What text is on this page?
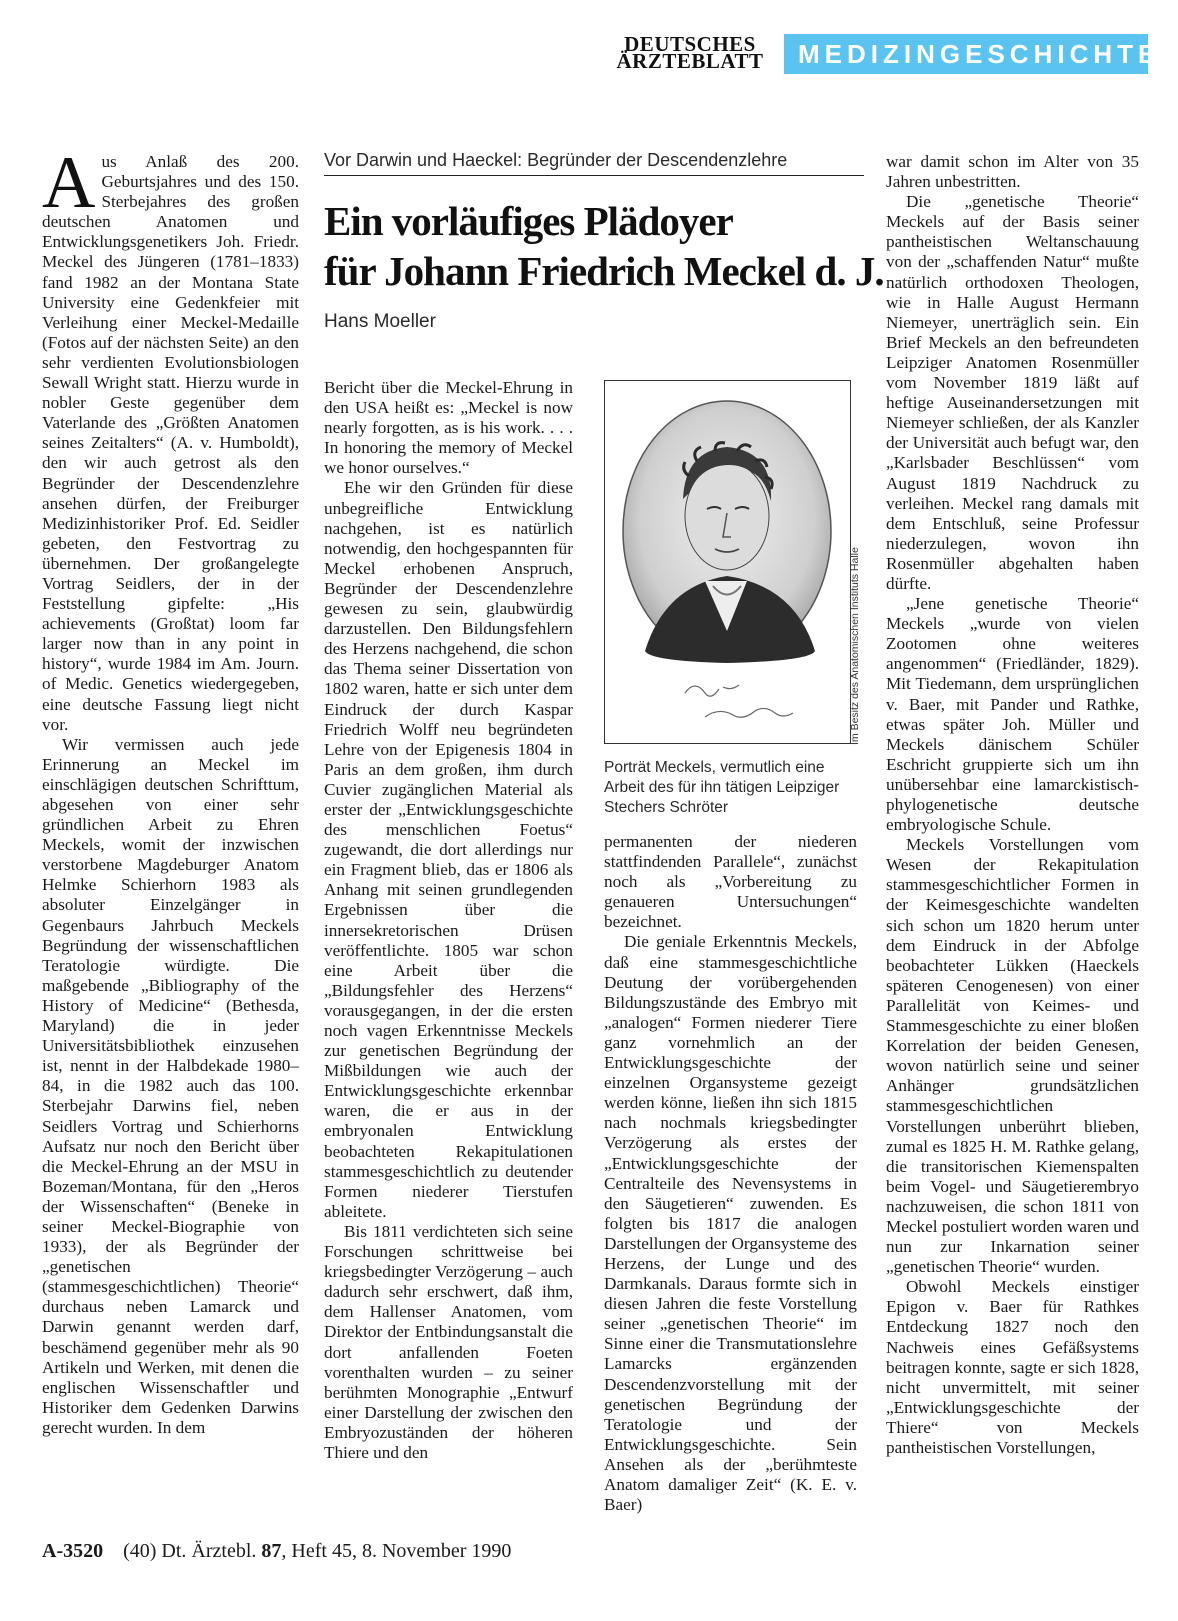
DEUTSCHES
ÄRZTEBLATT	MEDIZINGESCHICHTE

Aus Anlaß des 200. Geburtsjahres und des 150. Sterbejahres des großen deutschen Anatomen und Entwicklungsgenetikers Joh. Friedr. Meckel des Jüngeren (1781–1833) fand 1982 an der Montana State University eine Gedenkfeier mit Verleihung einer Meckel-Medaille (Fotos auf der nächsten Seite) an den sehr verdienten Evolutionsbiologen Sewall Wright statt. Hierzu wurde in nobler Geste gegenüber dem Vaterlande des „Größten Anatomen seines Zeitalters“ (A. v. Humboldt), den wir auch getrost als den Begründer der Descendenzlehre ansehen dürfen, der Freiburger Medizinhistoriker Prof. Ed. Seidler gebeten, den Festvortrag zu übernehmen. Der großangelegte Vortrag Seidlers, der in der Feststellung gipfelte: „His achievements (Großtat) loom far larger now than in any point in history“, wurde 1984 im Am. Journ. of Medic. Genetics wiedergegeben, eine deutsche Fassung liegt nicht vor.

Wir vermissen auch jede Erinnerung an Meckel im einschlägigen deutschen Schrifttum, abgesehen von einer sehr gründlichen Arbeit zu Ehren Meckels, womit der inzwischen verstorbene Magdeburger Anatom Helmke Schierhorn 1983 als absoluter Einzelgänger in Gegenbaurs Jahrbuch Meckels Begründung der wissenschaftlichen Teratologie würdigte. Die maßgebende „Bibliography of the History of Medicine“ (Bethesda, Maryland) die in jeder Universitätsbibliothek einzusehen ist, nennt in der Halbdekade 1980–84, in die 1982 auch das 100. Sterbejahr Darwins fiel, neben Seidlers Vortrag und Schierhorns Aufsatz nur noch den Bericht über die Meckel-Ehrung an der MSU in Bozeman/Montana, für den „Heros der Wissenschaften“ (Beneke in seiner Meckel-Biographie von 1933), der als Begründer der „genetischen (stammesgeschichtlichen) Theorie“ durchaus neben Lamarck und Darwin genannt werden darf, beschämend gegenüber mehr als 90 Artikeln und Werken, mit denen die englischen Wissenschaftler und Historiker dem Gedenken Darwins gerecht wurden. In dem

Vor Darwin und Haeckel: Begründer der Descendenzlehre
Ein vorläufiges Plädoyer
für Johann Friedrich Meckel d. J.
Hans Moeller

Bericht über die Meckel-Ehrung in den USA heißt es: „Meckel is now nearly forgotten, as is his work. . . . In honoring the memory of Meckel we honor ourselves.“

Ehe wir den Gründen für diese unbegreifliche Entwicklung nachgehen, ist es natürlich notwendig, den hochgespannten für Meckel erhobenen Anspruch, Begründer der Descendenzlehre gewesen zu sein, glaubwürdig darzustellen. Den Bildungsfehlern des Herzens nachgehend, die schon das Thema seiner Dissertation von 1802 waren, hatte er sich unter dem Eindruck der durch Kaspar Friedrich Wolff neu begründeten Lehre von der Epigenesis 1804 in Paris an dem großen, ihm durch Cuvier zugänglichen Material als erster der „Entwicklungsgeschichte des menschlichen Foetus“ zugewandt, die dort allerdings nur ein Fragment blieb, das er 1806 als Anhang mit seinen grundlegenden Ergebnissen über die innersekretorischen Drüsen veröffentlichte. 1805 war schon eine Arbeit über die „Bildungsfehler des Herzens“ vorausgegangen, in der die ersten noch vagen Erkenntnisse Meckels zur genetischen Begründung der Mißbildungen wie auch der Entwicklungsgeschichte erkennbar waren, die er aus in der embryonalen Entwicklung beobachteten Rekapitulationen stammesgeschichtlich zu deutender Formen niederer Tierstufen ableitete.

Bis 1811 verdichteten sich seine Forschungen schrittweise bei kriegsbedingter Verzögerung – auch dadurch sehr erschwert, daß ihm, dem Hallenser Anatomen, vom Direktor der Entbindungsanstalt die dort anfallenden Foeten vorenthalten wurden – zu seiner berühmten Monographie „Entwurf einer Darstellung der zwischen den Embryozuständen der höheren Thiere und den

Im Besitz des Anatomischen Instituts Halle
Porträt Meckels, vermutlich eine Arbeit des für ihn tätigen Leipziger Stechers Schröter

permanenten der niederen stattfindenden Parallele“, zunächst noch als „Vorbereitung zu genaueren Untersuchungen“ bezeichnet.

Die geniale Erkenntnis Meckels, daß eine stammesgeschichtliche Deutung der vorübergehenden Bildungszustände des Embryo mit „analogen“ Formen niederer Tiere ganz vornehmlich an der Entwicklungsgeschichte der einzelnen Organsysteme gezeigt werden könne, ließen ihn sich 1815 nach nochmals kriegsbedingter Verzögerung als erstes der „Entwicklungsgeschichte der Centralteile des Nevensystems in den Säugetieren“ zuwenden. Es folgten bis 1817 die analogen Darstellungen der Organsysteme des Herzens, der Lunge und des Darmkanals. Daraus formte sich in diesen Jahren die feste Vorstellung seiner „genetischen Theorie“ im Sinne einer die Transmutationslehre Lamarcks ergänzenden Descendenzvorstellung mit der genetischen Begründung der Teratologie und der Entwicklungsgeschichte. Sein Ansehen als der „berühmteste Anatom damaliger Zeit“ (K. E. v. Baer)

war damit schon im Alter von 35 Jahren unbestritten.

Die „genetische Theorie“ Meckels auf der Basis seiner pantheistischen Weltanschauung von der „schaffenden Natur“ mußte natürlich orthodoxen Theologen, wie in Halle August Hermann Niemeyer, unerträglich sein. Ein Brief Meckels an den befreundeten Leipziger Anatomen Rosenmüller vom November 1819 läßt auf heftige Auseinandersetzungen mit Niemeyer schließen, der als Kanzler der Universität auch befugt war, den „Karlsbader Beschlüssen“ vom August 1819 Nachdruck zu verleihen. Meckel rang damals mit dem Entschluß, seine Professur niederzulegen, wovon ihn Rosenmüller abgehalten haben dürfte.

„Jene genetische Theorie“ Meckels „wurde von vielen Zootomen ohne weiteres angenommen“ (Friedländer, 1829). Mit Tiedemann, dem ursprünglichen v. Baer, mit Pander und Rathke, etwas später Joh. Müller und Meckels dänischem Schüler Eschricht gruppierte sich um ihn unübersehbar eine lamarckistisch-phylogenetische deutsche embryologische Schule.

Meckels Vorstellungen vom Wesen der Rekapitulation stammesgeschichtlicher Formen in der Keimesgeschichte wandelten sich schon um 1820 herum unter dem Eindruck in der Abfolge beobachteter Lükken (Haeckels späteren Cenogenesen) von einer Parallelität von Keimes- und Stammesgeschichte zu einer bloßen Korrelation der beiden Genesen, wovon natürlich seine und seiner Anhänger grundsätzlichen stammesgeschichtlichen Vorstellungen unberührt blieben, zumal es 1825 H. M. Rathke gelang, die transitorischen Kiemenspalten beim Vogel- und Säugetierembryo nachzuweisen, die schon 1811 von Meckel postuliert worden waren und nun zur Inkarnation seiner „genetischen Theorie“ wurden.

Obwohl Meckels einstiger Epigon v. Baer für Rathkes Entdeckung 1827 noch den Nachweis eines Gefäßsystems beitragen konnte, sagte er sich 1828, nicht unvermittelt, mit seiner „Entwicklungsgeschichte der Thiere“ von Meckels pantheistischen Vorstellungen,

A-3520 (40) Dt. Ärztebl. 87, Heft 45, 8. November 1990
